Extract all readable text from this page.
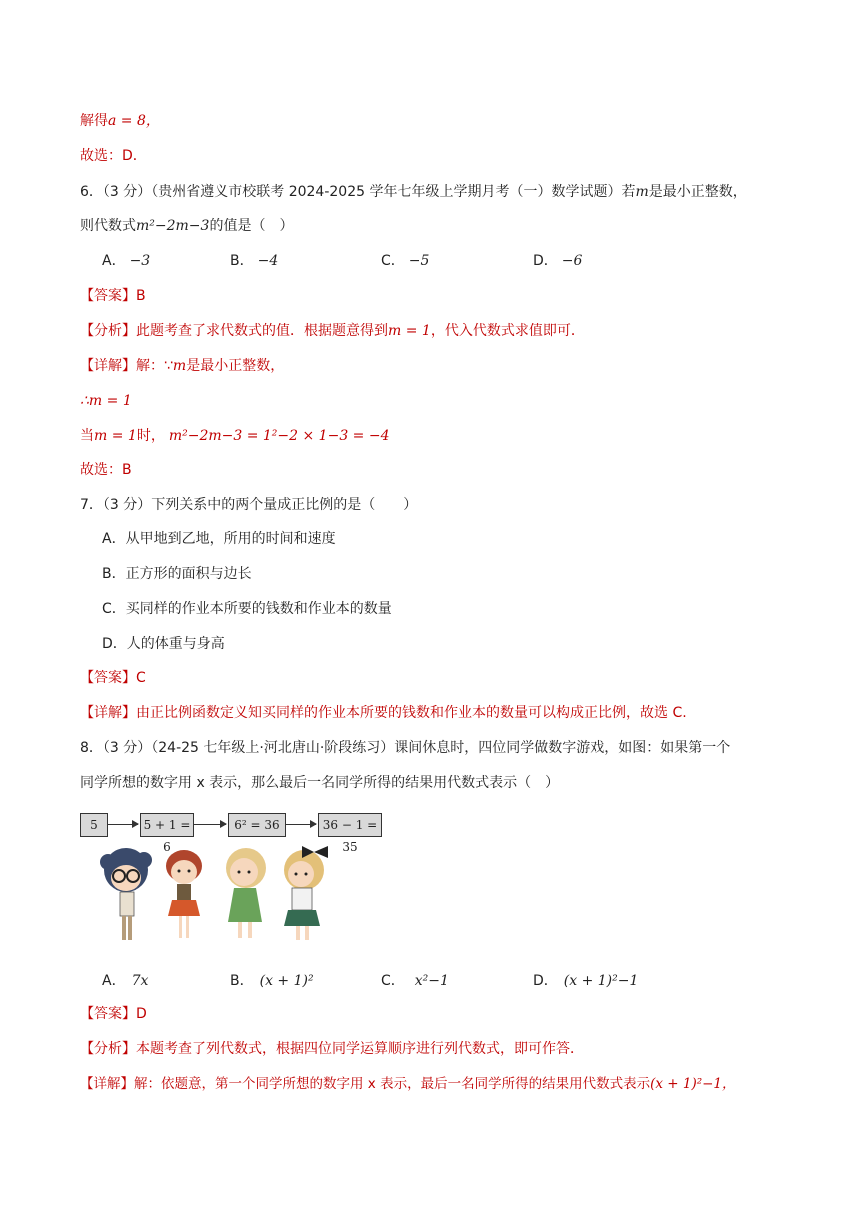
解得a = 8，
故选：D．
6．（3 分）（贵州省遵义市校联考 2024-2025 学年七年级上学期月考（一）数学试题）若m是最小正整数，
则代数式m²−2m−3的值是（　）
A． −3	B． −4	C． −5	D． −6
【答案】B
【分析】此题考查了求代数式的值．根据题意得到m = 1，代入代数式求值即可．
【详解】解：∵m是最小正整数，
∴m = 1
当m = 1时， m²−2m−3 = 1²−2 × 1−3 = −4
故选：B
7．（3 分）下列关系中的两个量成正比例的是（　　）
A．从甲地到乙地，所用的时间和速度
B．正方形的面积与边长
C．买同样的作业本所要的钱数和作业本的数量
D．人的体重与身高
【答案】C
【详解】由正比例函数定义知买同样的作业本所要的钱数和作业本的数量可以构成正比例，故选 C.
8．（3 分）（24-25 七年级上·河北唐山·阶段练习）课间休息时，四位同学做数字游戏，如图：如果第一个
同学所想的数字用 x 表示，那么最后一名同学所得的结果用代数式表示（　）
5	5 + 1 = 6
6² = 36	36 − 1 = 35
A． 7x	B． (x + 1)²	C． x²−1	D． (x + 1)²−1
【答案】D
【分析】本题考查了列代数式，根据四位同学运算顺序进行列代数式，即可作答．
【详解】解：依题意，第一个同学所想的数字用 x 表示，最后一名同学所得的结果用代数式表示(x + 1)²−1，
